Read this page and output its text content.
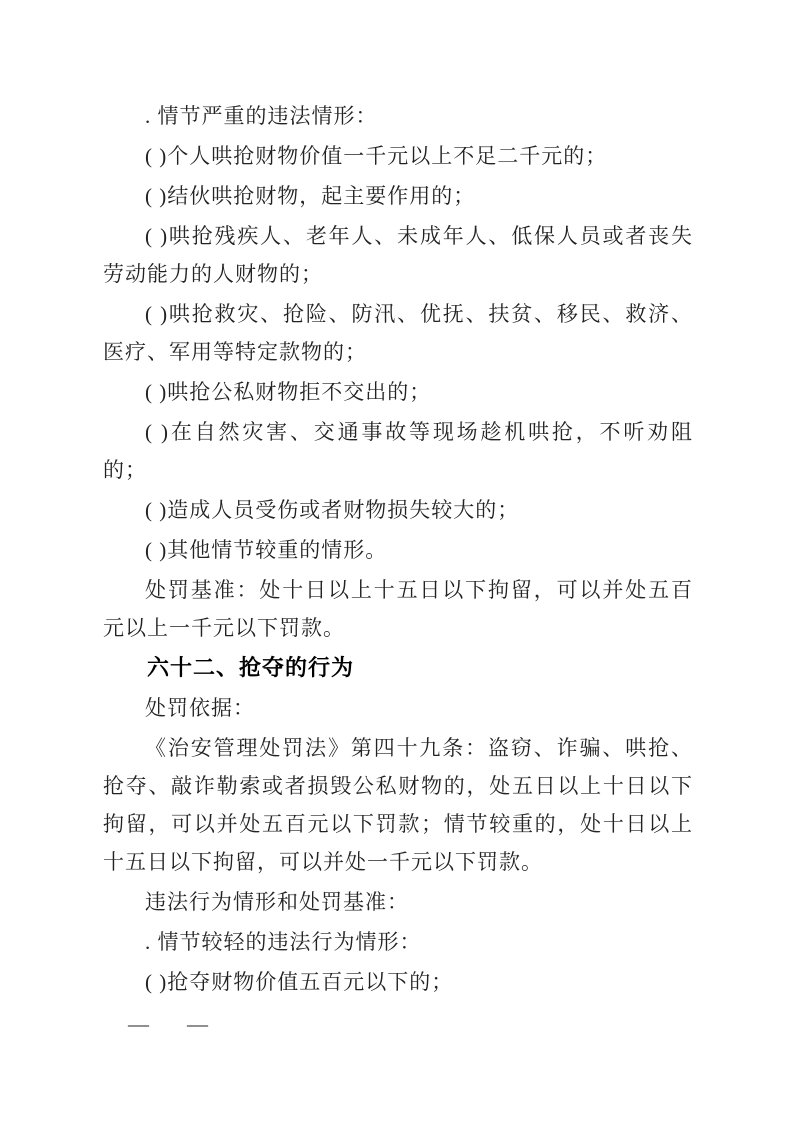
. 情节严重的违法情形：

( )个人哄抢财物价值一千元以上不足二千元的；

( )结伙哄抢财物，起主要作用的；

( )哄抢残疾人、老年人、未成年人、低保人员或者丧失劳动能力的人财物的；

( )哄抢救灾、抢险、防汛、优抚、扶贫、移民、救济、医疗、军用等特定款物的；

( )哄抢公私财物拒不交出的；

( )在自然灾害、交通事故等现场趁机哄抢，不听劝阻的；

( )造成人员受伤或者财物损失较大的；

( )其他情节较重的情形。

处罚基准：处十日以上十五日以下拘留，可以并处五百元以上一千元以下罚款。

六十二、抢夺的行为

处罚依据：

《治安管理处罚法》第四十九条：盗窃、诈骗、哄抢、抢夺、敲诈勒索或者损毁公私财物的，处五日以上十日以下拘留，可以并处五百元以下罚款；情节较重的，处十日以上十五日以下拘留，可以并处一千元以下罚款。

违法行为情形和处罚基准：

. 情节较轻的违法行为情形：

( )抢夺财物价值五百元以下的；

— —
